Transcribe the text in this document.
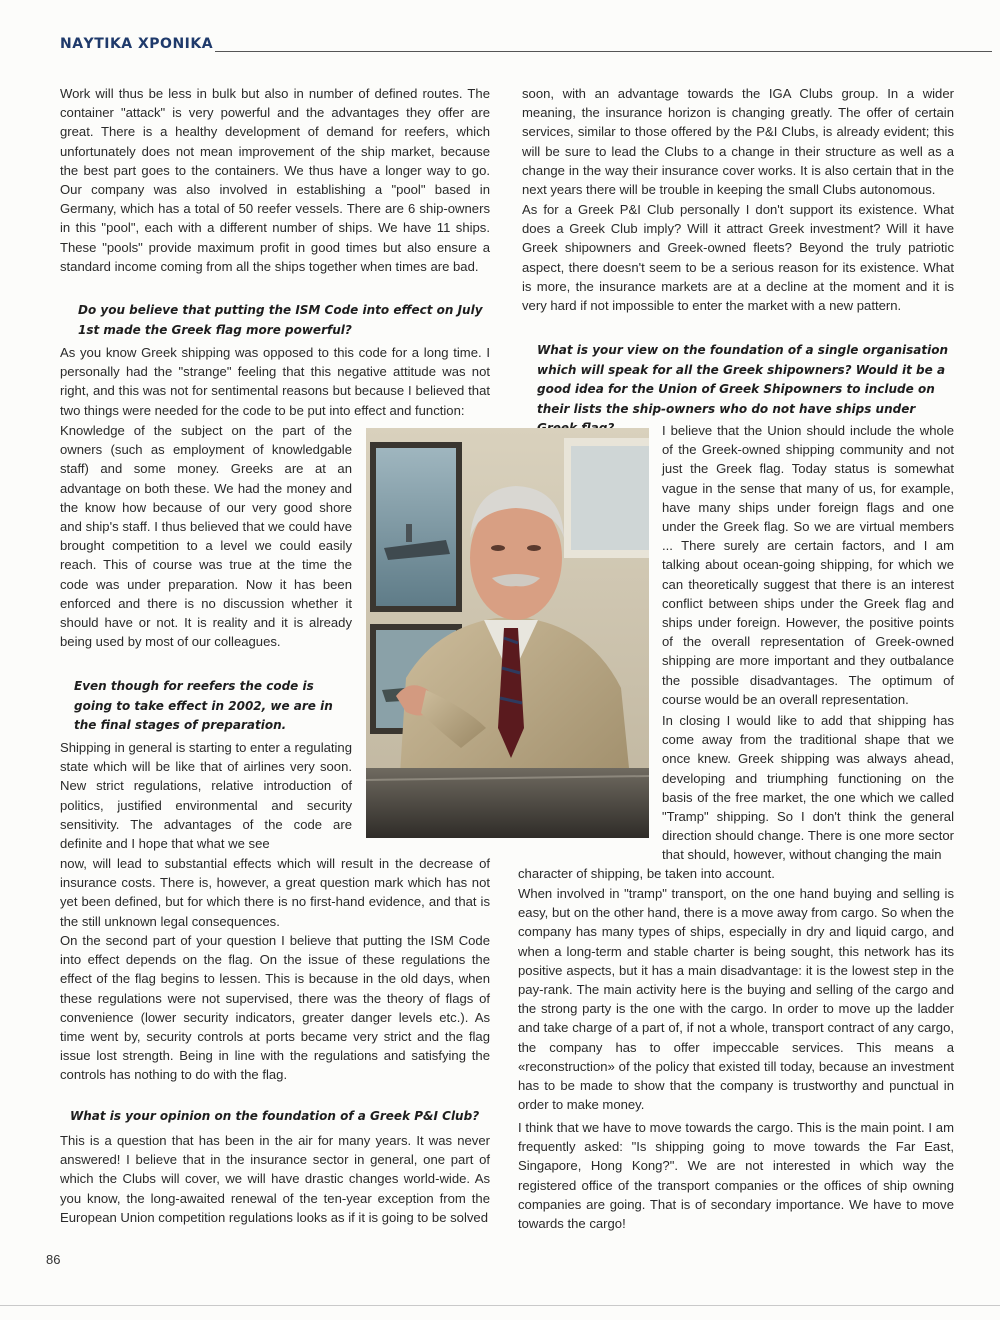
ΝΑΥΤΙΚΑ ΧΡΟΝΙΚΑ

Work will thus be less in bulk but also in number of defined routes. The container "attack" is very powerful and the advantages they offer are great. There is a healthy development of demand for reefers, which unfortunately does not mean improvement of the ship market, because the best part goes to the containers. We thus have a longer way to go. Our company was also involved in establishing a "pool" based in Germany, which has a total of 50 reefer vessels. There are 6 ship-owners in this "pool", each with a different number of ships. We have 11 ships. These "pools" provide maximum profit in good times but also ensure a standard income coming from all the ships together when times are bad.

Do you believe that putting the ISM Code into effect on July 1st made the Greek flag more powerful?

As you know Greek shipping was opposed to this code for a long time. I personally had the "strange" feeling that this negative attitude was not right, and this was not for sentimental reasons but because I believed that two things were needed for the code to be put into effect and function:

Knowledge of the subject on the part of the owners (such as employment of knowledgable staff) and some money. Greeks are at an advantage on both these. We had the money and the know how because of our very good shore and ship's staff. I thus believed that we could have brought competition to a level we could easily reach. This of course was true at the time the code was under preparation. Now it has been enforced and there is no discussion whether it should have or not. It is reality and it is already being used by most of our colleagues.

Even though for reefers the code is going to take effect in 2002, we are in the final stages of preparation.

Shipping in general is starting to enter a regulating state which will be like that of airlines very soon. New strict regulations, relative introduction of politics, justified environmental and security sensitivity. The advantages of the code are definite and I hope that what we see

now, will lead to substantial effects which will result in the decrease of insurance costs. There is, however, a great question mark which has not yet been defined, but for which there is no first-hand evidence, and that is the still unknown legal consequences.

On the second part of your question I believe that putting the ISM Code into effect depends on the flag. On the issue of these regulations the effect of the flag begins to lessen. This is because in the old days, when these regulations were not supervised, there was the theory of flags of convenience (lower security indicators, greater danger levels etc.). As time went by, security controls at ports became very strict and the flag issue lost strength. Being in line with the regulations and satisfying the controls has nothing to do with the flag.

What is your opinion on the foundation of a Greek P&I Club?

This is a question that has been in the air for many years. It was never answered! I believe that in the insurance sector in general, one part of which the Clubs will cover, we will have drastic changes world-wide. As you know, the long-awaited renewal of the ten-year exception from the European Union competition regulations looks as if it is going to be solved

soon, with an advantage towards the IGA Clubs group. In a wider meaning, the insurance horizon is changing greatly. The offer of certain services, similar to those offered by the P&I Clubs, is already evident; this will be sure to lead the Clubs to a change in their structure as well as a change in the way their insurance cover works. It is also certain that in the next years there will be trouble in keeping the small Clubs autonomous.

As for a Greek P&I Club personally I don't support its existence. What does a Greek Club imply? Will it attract Greek investment? Will it have Greek shipowners and Greek-owned fleets? Beyond the truly patriotic aspect, there doesn't seem to be a serious reason for its existence. What is more, the insurance markets are at a decline at the moment and it is very hard if not impossible to enter the market with a new pattern.

What is your view on the foundation of a single organisation which will speak for all the Greek shipowners? Would it be a good idea for the Union of Greek Shipowners to include on their lists the ship-owners who do not have ships under

I believe that the Union should include the whole of the Greek-owned shipping community and not just the Greek flag. Today status is somewhat vague in the sense that many of us, for example, have many ships under foreign flags and one under the Greek flag. So we are virtual members ... There surely are certain factors, and I am talking about ocean-going shipping, for which we can theoretically suggest that there is an interest conflict between ships under the Greek flag and ships under foreign. However, the positive points of the overall representation of Greek-owned shipping are more important and they outbalance the possible disadvantages. The optimum of course would be an overall representation.

In closing I would like to add that shipping has come away from the traditional shape that we once knew. Greek shipping was always ahead, developing and triumphing functioning on the basis of the free market, the one which we called "Tramp" shipping. So I don't think the general direction should change. There is one more sector that should, however, without changing the main

character of shipping, be taken into account.

When involved in "tramp" transport, on the one hand buying and selling is easy, but on the other hand, there is a move away from cargo. So when the company has many types of ships, especially in dry and liquid cargo, and when a long-term and stable charter is being sought, this network has its positive aspects, but it has a main disadvantage: it is the lowest step in the pay-rank. The main activity here is the buying and selling of the cargo and the strong party is the one with the cargo. In order to move up the ladder and take charge of a part of, if not a whole, transport contract of any cargo, the company has to offer impeccable services. This means a «reconstruction» of the policy that existed till today, because an investment has to be made to show that the company is trustworthy and punctual in order to make money.

I think that we have to move towards the cargo. This is the main point. I am frequently asked: "Is shipping going to move towards the Far East, Singapore, Hong Kong?". We are not interested in which way the registered office of the transport companies or the offices of ship owning companies are going. That is of secondary importance. We have to move towards the cargo!

86
